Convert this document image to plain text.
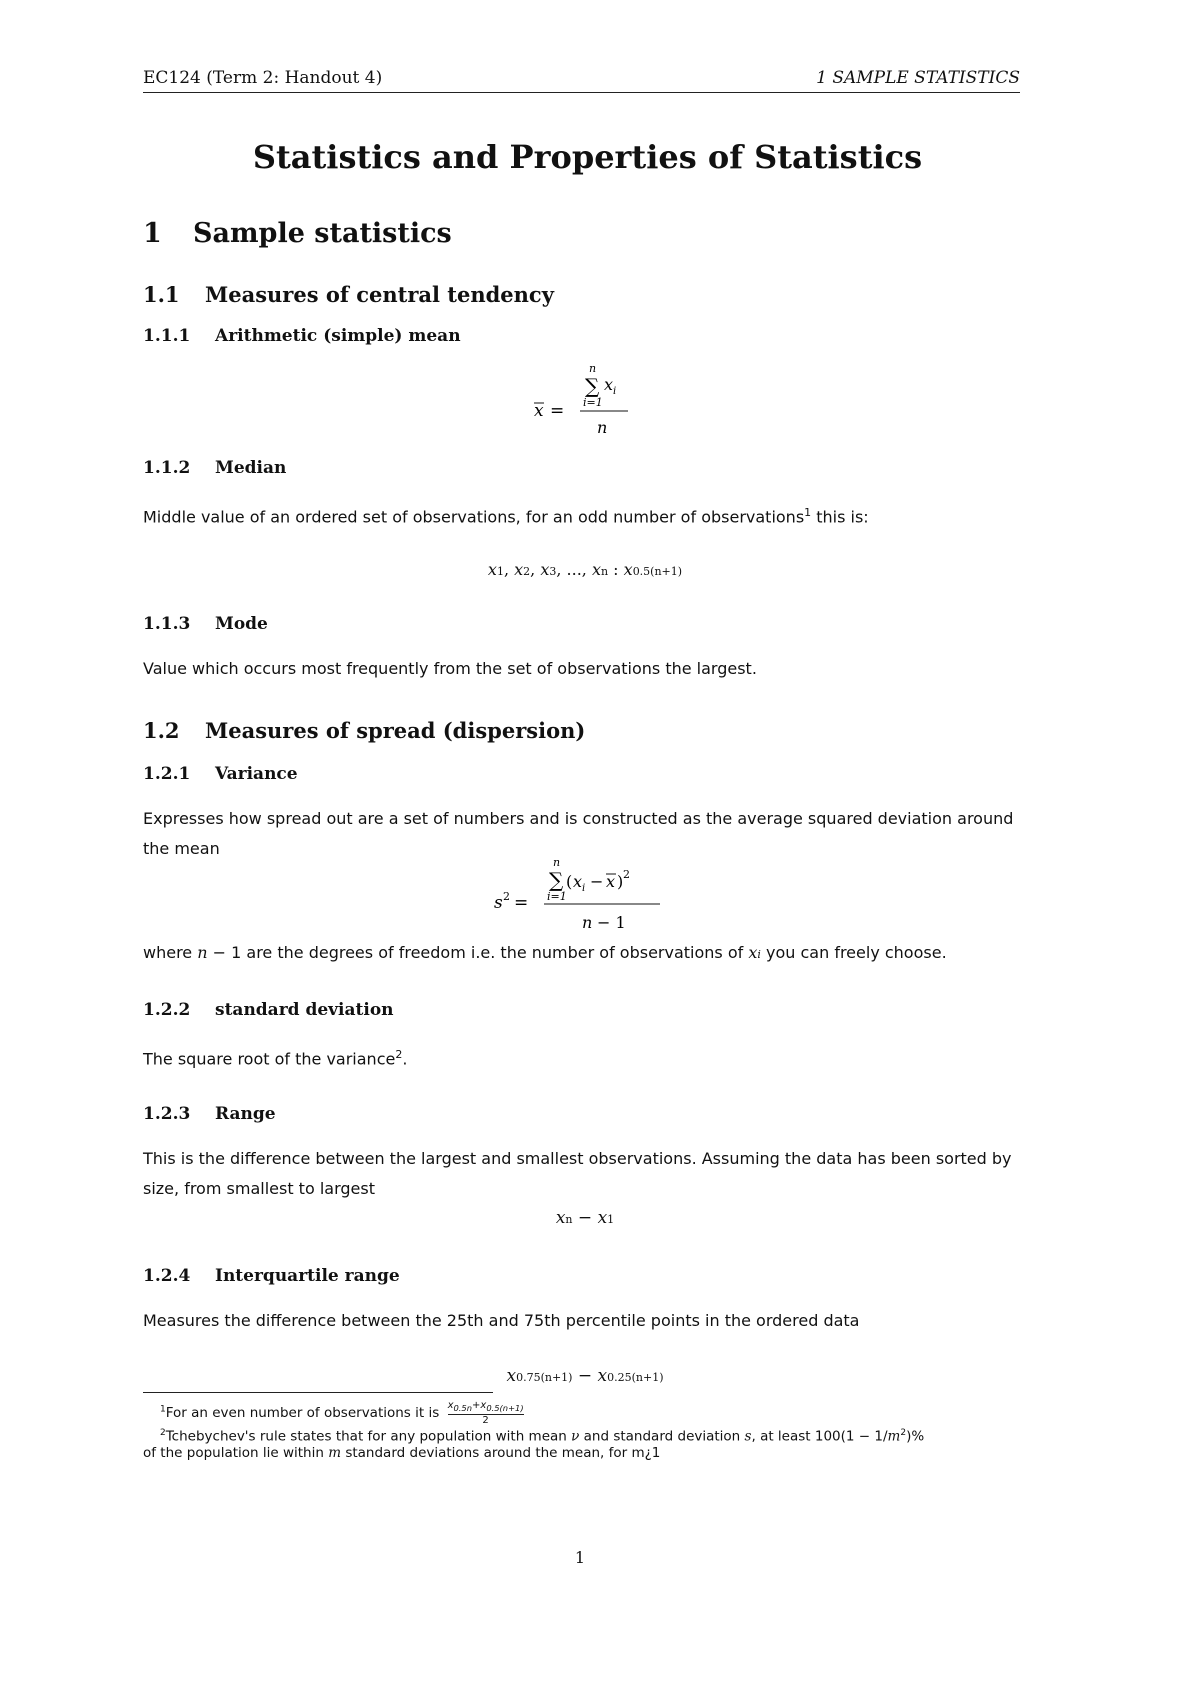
EC124 (Term 2: Handout 4)	1 SAMPLE STATISTICS
Statistics and Properties of Statistics
1 Sample statistics
1.1 Measures of central tendency
1.1.1 Arithmetic (simple) mean
x =
n
∑ x i
i=1
n
1.1.2 Median
Middle value of an ordered set of observations, for an odd number of observations$^1$ this is:
x1, x2, x3, ..., xn : x0.5(n+1)
1.1.3 Mode
Value which occurs most frequently from the set of observations the largest.
1.2 Measures of spread (dispersion)
1.2.1 Variance
Expresses how spread out are a set of numbers and is constructed as the average squared deviation around the mean
s 2 =
n
∑ ( x i − x ) 2
i=1
n − 1
where n − 1 are the degrees of freedom i.e. the number of observations of xi you can freely choose.
1.2.2 standard deviation
The square root of the variance$^2$.
1.2.3 Range
This is the difference between the largest and smallest observations. Assuming the data has been sorted by size, from smallest to largest
xn − x1
1.2.4 Interquartile range
Measures the difference between the 25th and 75th percentile points in the ordered data
x0.75(n+1) − x0.25(n+1)
$^1$For an even number of observations it is $\frac{x_{0.5n}+x_{0.5(n+1)}}{2}$
$^2$Tchebychev's rule states that for any population with mean ν and standard deviation s, at least $100(1 - 1/m^2)\%$
of the population lie within m standard deviations around the mean, for m¿1
1
